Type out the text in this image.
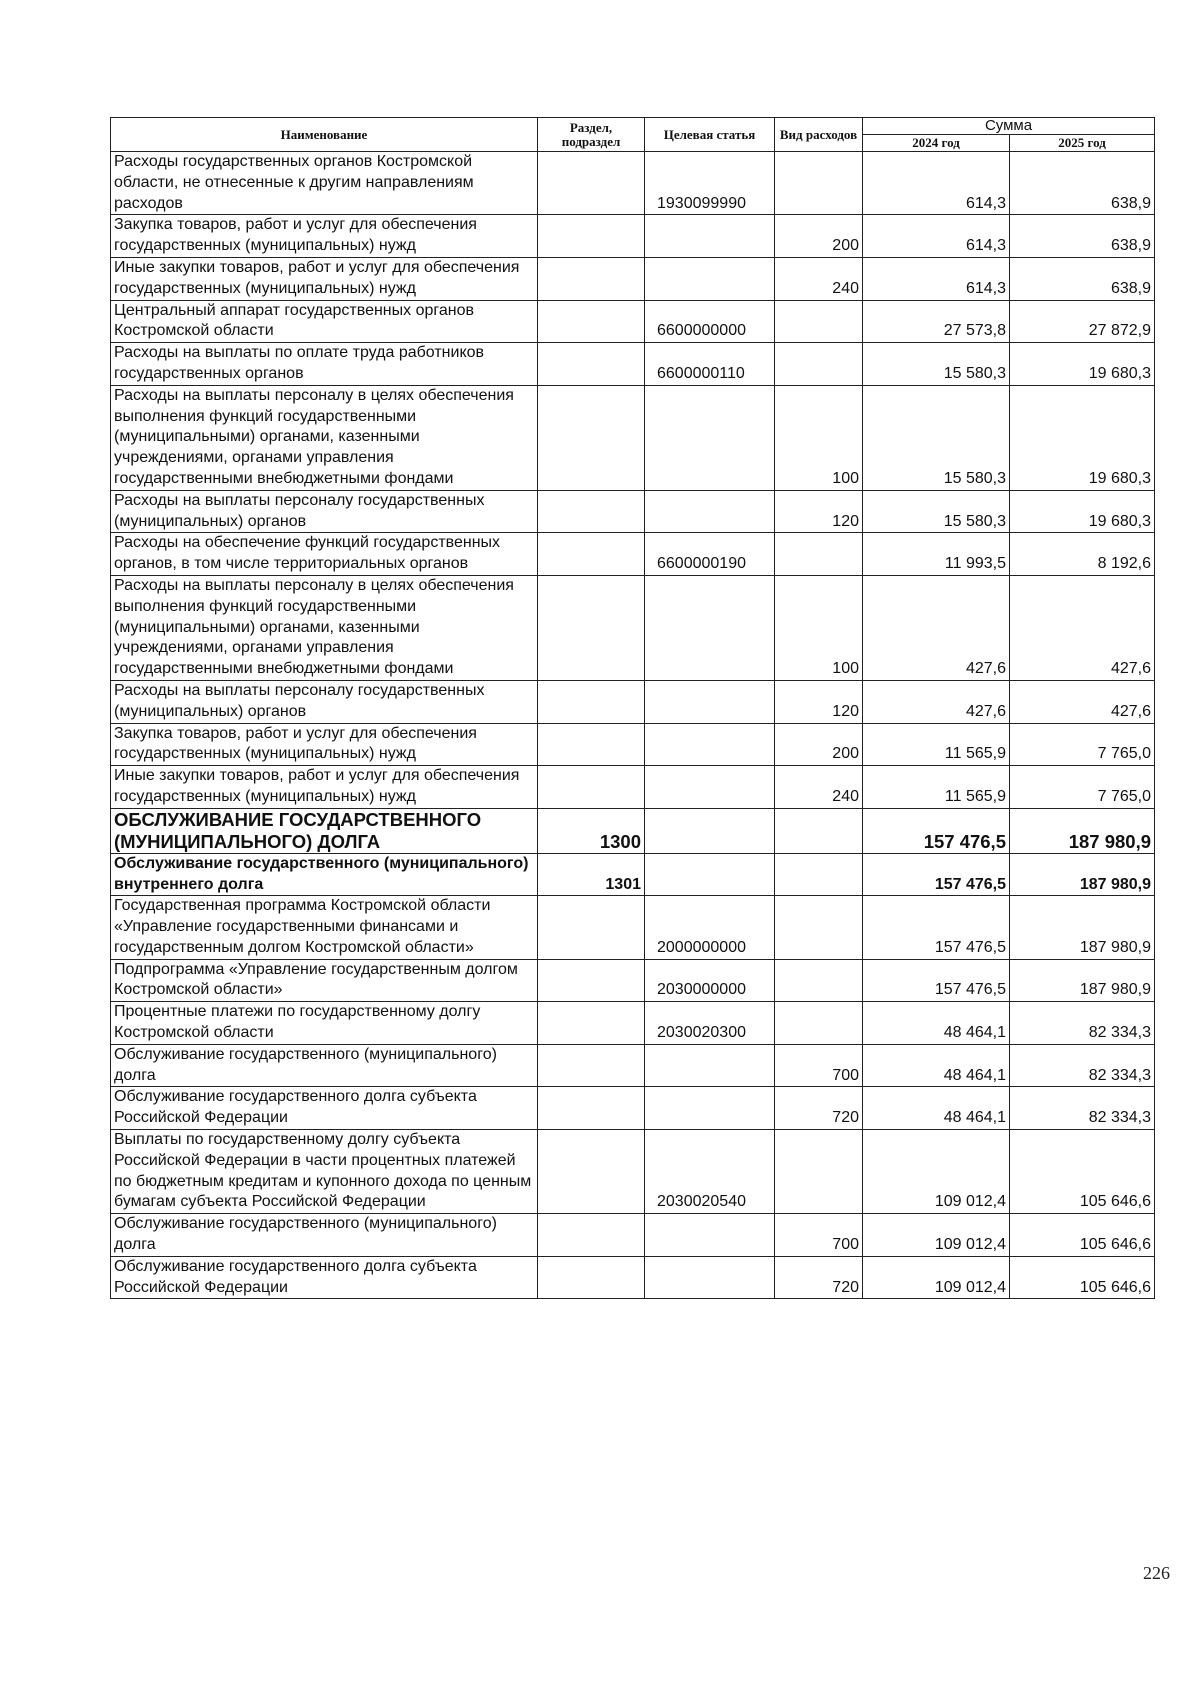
Наименование	Раздел, подраздел	Целевая статья	Вид расходов	Сумма	
				2024 год	2025 год
Расходы государственных органов Костромской области, не отнесенные к другим направлениям расходов		1930099990		614,3	638,9
Закупка товаров, работ и услуг для обеспечения государственных (муниципальных) нужд			200	614,3	638,9
Иные закупки товаров, работ и услуг для обеспечения государственных (муниципальных) нужд			240	614,3	638,9
Центральный аппарат государственных органов Костромской области		6600000000		27 573,8	27 872,9
Расходы на выплаты по оплате труда работников государственных органов		6600000110		15 580,3	19 680,3
Расходы на выплаты персоналу в целях обеспечения выполнения функций государственными (муниципальными) органами, казенными учреждениями, органами управления государственными внебюджетными фондами			100	15 580,3	19 680,3
Расходы на выплаты персоналу государственных (муниципальных) органов			120	15 580,3	19 680,3
Расходы на обеспечение функций государственных органов, в том числе территориальных органов		6600000190		11 993,5	8 192,6
Расходы на выплаты персоналу в целях обеспечения выполнения функций государственными (муниципальными) органами, казенными учреждениями, органами управления государственными внебюджетными фондами			100	427,6	427,6
Расходы на выплаты персоналу государственных (муниципальных) органов			120	427,6	427,6
Закупка товаров, работ и услуг для обеспечения государственных (муниципальных) нужд			200	11 565,9	7 765,0
Иные закупки товаров, работ и услуг для обеспечения государственных (муниципальных) нужд			240	11 565,9	7 765,0
ОБСЛУЖИВАНИЕ ГОСУДАРСТВЕННОГО (МУНИЦИПАЛЬНОГО) ДОЛГА	1300			157 476,5	187 980,9
Обслуживание государственного (муниципального) внутреннего долга	1301			157 476,5	187 980,9
Государственная программа Костромской области «Управление государственными финансами и государственным долгом Костромской области»		2000000000		157 476,5	187 980,9
Подпрограмма «Управление государственным долгом Костромской области»		2030000000		157 476,5	187 980,9
Процентные платежи по государственному долгу Костромской области		2030020300		48 464,1	82 334,3
Обслуживание государственного (муниципального) долга			700	48 464,1	82 334,3
Обслуживание государственного долга субъекта Российской Федерации			720	48 464,1	82 334,3
Выплаты по государственному долгу субъекта Российской Федерации в части процентных платежей по бюджетным кредитам и купонного дохода по ценным бумагам субъекта Российской Федерации		2030020540		109 012,4	105 646,6
Обслуживание государственного (муниципального) долга			700	109 012,4	105 646,6
Обслуживание государственного долга субъекта Российской Федерации			720	109 012,4	105 646,6
226
